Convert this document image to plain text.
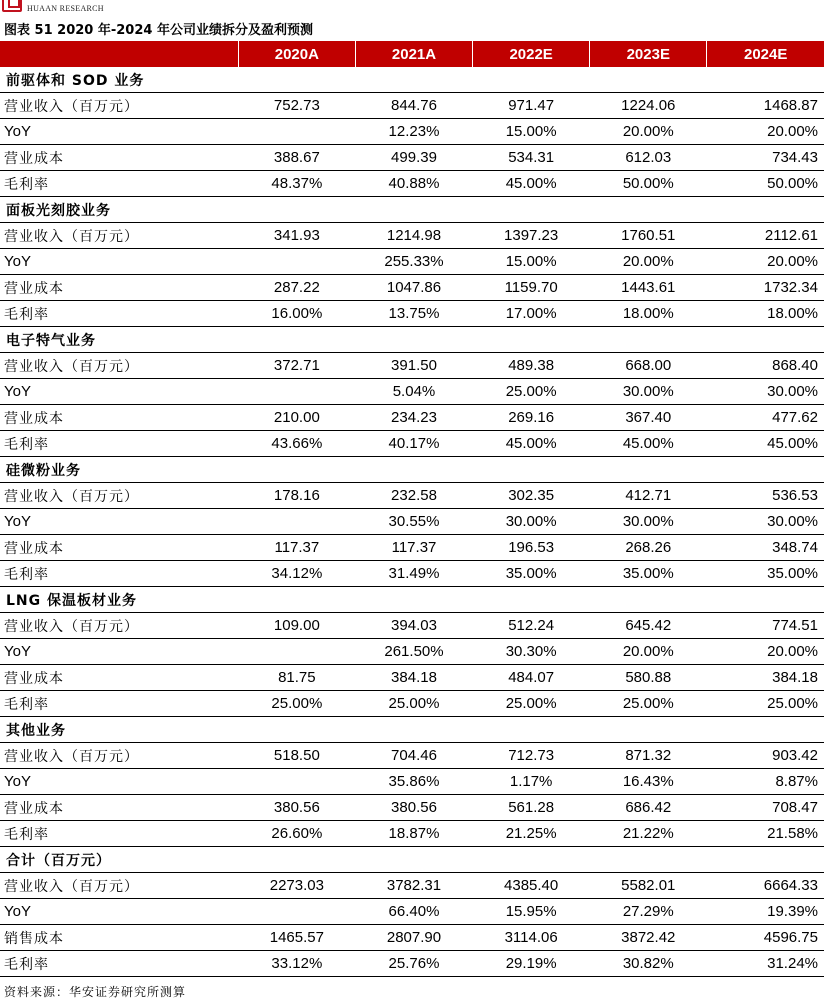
HUAAN RESEARCH
图表 51 2020 年-2024 年公司业绩拆分及盈利预测
	2020A	2021A	2022E	2023E	2024E
前驱体和 SOD 业务					
营业收入（百万元）	752.73	844.76	971.47	1224.06	1468.87
YoY		12.23%	15.00%	20.00%	20.00%
营业成本	388.67	499.39	534.31	612.03	734.43
毛利率	48.37%	40.88%	45.00%	50.00%	50.00%
面板光刻胶业务					
营业收入（百万元）	341.93	1214.98	1397.23	1760.51	2112.61
YoY		255.33%	15.00%	20.00%	20.00%
营业成本	287.22	1047.86	1159.70	1443.61	1732.34
毛利率	16.00%	13.75%	17.00%	18.00%	18.00%
电子特气业务					
营业收入（百万元）	372.71	391.50	489.38	668.00	868.40
YoY		5.04%	25.00%	30.00%	30.00%
营业成本	210.00	234.23	269.16	367.40	477.62
毛利率	43.66%	40.17%	45.00%	45.00%	45.00%
硅微粉业务					
营业收入（百万元）	178.16	232.58	302.35	412.71	536.53
YoY		30.55%	30.00%	30.00%	30.00%
营业成本	117.37	117.37	196.53	268.26	348.74
毛利率	34.12%	31.49%	35.00%	35.00%	35.00%
LNG 保温板材业务					
营业收入（百万元）	109.00	394.03	512.24	645.42	774.51
YoY		261.50%	30.30%	20.00%	20.00%
营业成本	81.75	384.18	484.07	580.88	384.18
毛利率	25.00%	25.00%	25.00%	25.00%	25.00%
其他业务					
营业收入（百万元）	518.50	704.46	712.73	871.32	903.42
YoY		35.86%	1.17%	16.43%	8.87%
营业成本	380.56	380.56	561.28	686.42	708.47
毛利率	26.60%	18.87%	21.25%	21.22%	21.58%
合计（百万元）					
营业收入（百万元）	2273.03	3782.31	4385.40	5582.01	6664.33
YoY		66.40%	15.95%	27.29%	19.39%
销售成本	1465.57	2807.90	3114.06	3872.42	4596.75
毛利率	33.12%	25.76%	29.19%	30.82%	31.24%
资料来源：华安证券研究所测算
